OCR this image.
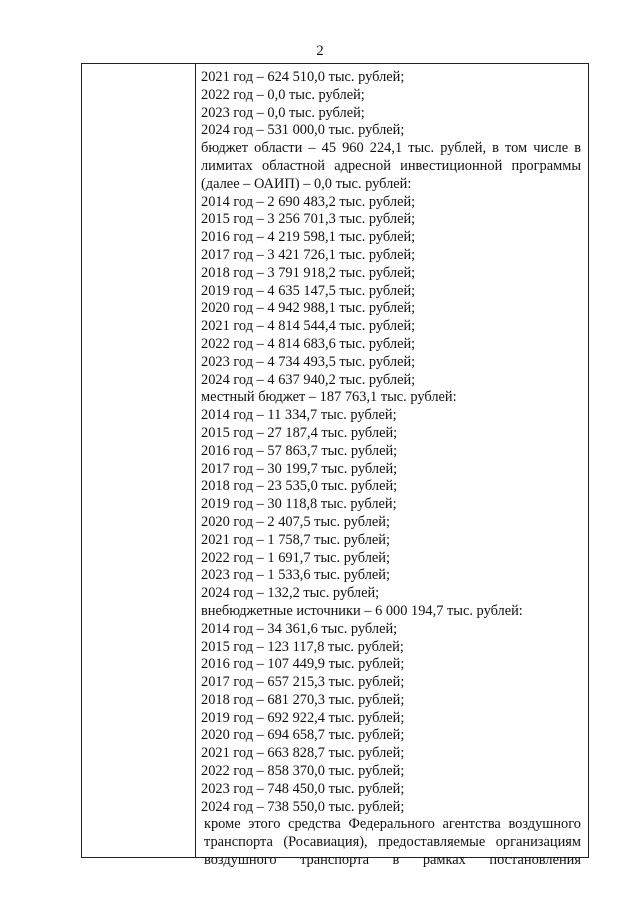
2
2021 год – 624 510,0 тыс. рублей;
2022 год – 0,0 тыс. рублей;
2023 год – 0,0 тыс. рублей;
2024 год – 531 000,0 тыс. рублей;
бюджет области – 45 960 224,1 тыс. рублей, в том числе в
лимитах областной адресной инвестиционной программы
(далее – ОАИП) – 0,0 тыс. рублей:
2014 год – 2 690 483,2 тыс. рублей;
2015 год – 3 256 701,3 тыс. рублей;
2016 год – 4 219 598,1 тыс. рублей;
2017 год – 3 421 726,1 тыс. рублей;
2018 год – 3 791 918,2 тыс. рублей;
2019 год – 4 635 147,5 тыс. рублей;
2020 год – 4 942 988,1 тыс. рублей;
2021 год – 4 814 544,4 тыс. рублей;
2022 год – 4 814 683,6 тыс. рублей;
2023 год – 4 734 493,5 тыс. рублей;
2024 год – 4 637 940,2 тыс. рублей;
местный бюджет – 187 763,1 тыс. рублей:
2014 год – 11 334,7 тыс. рублей;
2015 год – 27 187,4 тыс. рублей;
2016 год – 57 863,7 тыс. рублей;
2017 год – 30 199,7 тыс. рублей;
2018 год – 23 535,0 тыс. рублей;
2019 год – 30 118,8 тыс. рублей;
2020 год – 2 407,5 тыс. рублей;
2021 год – 1 758,7 тыс. рублей;
2022 год – 1 691,7 тыс. рублей;
2023 год – 1 533,6 тыс. рублей;
2024 год – 132,2 тыс. рублей;
внебюджетные источники – 6 000 194,7 тыс. рублей:
2014 год – 34 361,6 тыс. рублей;
2015 год – 123 117,8 тыс. рублей;
2016 год – 107 449,9 тыс. рублей;
2017 год – 657 215,3 тыс. рублей;
2018 год – 681 270,3 тыс. рублей;
2019 год – 692 922,4 тыс. рублей;
2020 год – 694 658,7 тыс. рублей;
2021 год – 663 828,7 тыс. рублей;
2022 год – 858 370,0 тыс. рублей;
2023 год – 748 450,0 тыс. рублей;
2024 год – 738 550,0 тыс. рублей;
кроме этого средства Федерального агентства воздушного
транспорта (Росавиация), предоставляемые организациям
воздушного транспорта в рамках постановления
